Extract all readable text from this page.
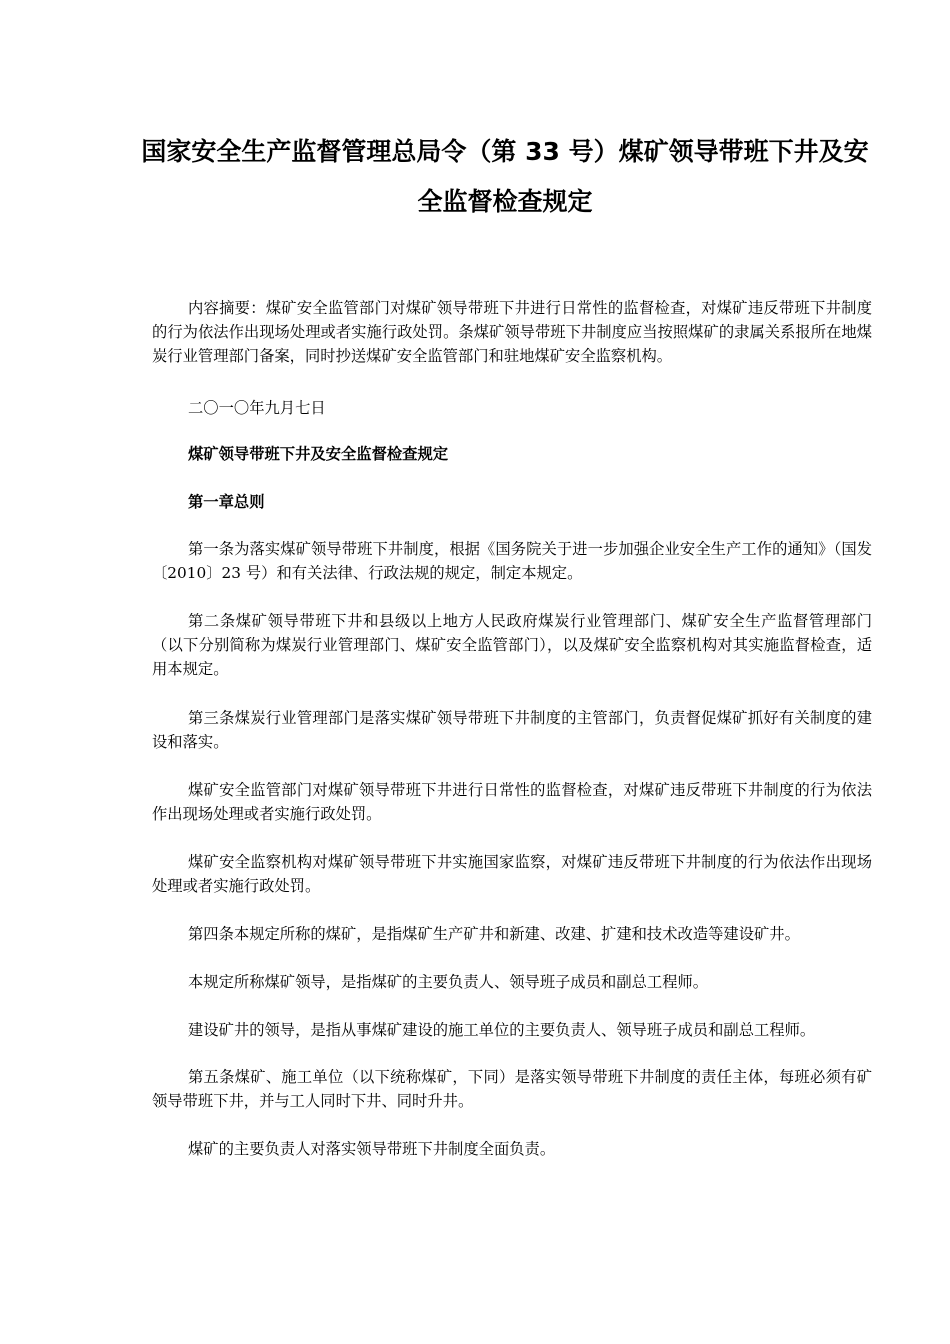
国家安全生产监督管理总局令（第 33 号）煤矿领导带班下井及安全监督检查规定

内容摘要：煤矿安全监管部门对煤矿领导带班下井进行日常性的监督检查，对煤矿违反带班下井制度的行为依法作出现场处理或者实施行政处罚。条煤矿领导带班下井制度应当按照煤矿的隶属关系报所在地煤炭行业管理部门备案，同时抄送煤矿安全监管部门和驻地煤矿安全监察机构。

二〇一〇年九月七日

煤矿领导带班下井及安全监督检查规定

第一章总则

第一条为落实煤矿领导带班下井制度，根据《国务院关于进一步加强企业安全生产工作的通知》（国发〔2010〕23 号）和有关法律、行政法规的规定，制定本规定。

第二条煤矿领导带班下井和县级以上地方人民政府煤炭行业管理部门、煤矿安全生产监督管理部门（以下分别简称为煤炭行业管理部门、煤矿安全监管部门），以及煤矿安全监察机构对其实施监督检查，适用本规定。

第三条煤炭行业管理部门是落实煤矿领导带班下井制度的主管部门，负责督促煤矿抓好有关制度的建设和落实。

煤矿安全监管部门对煤矿领导带班下井进行日常性的监督检查，对煤矿违反带班下井制度的行为依法作出现场处理或者实施行政处罚。

煤矿安全监察机构对煤矿领导带班下井实施国家监察，对煤矿违反带班下井制度的行为依法作出现场处理或者实施行政处罚。

第四条本规定所称的煤矿，是指煤矿生产矿井和新建、改建、扩建和技术改造等建设矿井。

本规定所称煤矿领导，是指煤矿的主要负责人、领导班子成员和副总工程师。

建设矿井的领导，是指从事煤矿建设的施工单位的主要负责人、领导班子成员和副总工程师。

第五条煤矿、施工单位（以下统称煤矿，下同）是落实领导带班下井制度的责任主体，每班必须有矿领导带班下井，并与工人同时下井、同时升井。

煤矿的主要负责人对落实领导带班下井制度全面负责。
